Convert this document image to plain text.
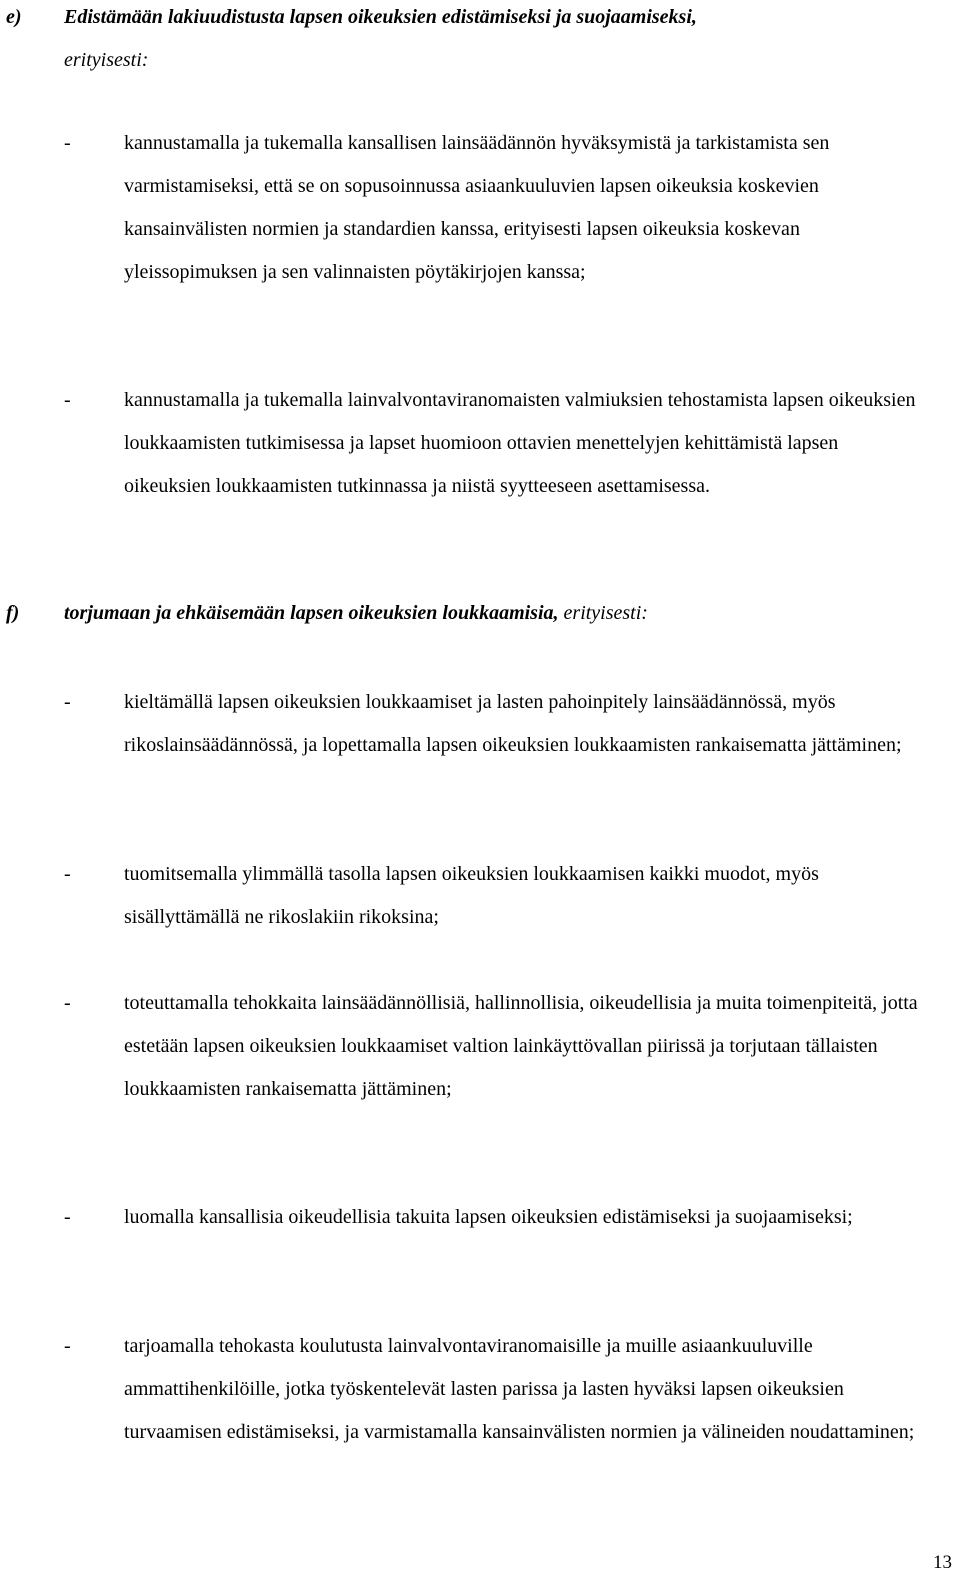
e) Edistämään lakiuudistusta lapsen oikeuksien edistämiseksi ja suojaamiseksi,
erityisesti:
-	kannustamalla ja tukemalla kansallisen lainsäädännön hyväksymistä ja tarkistamista sen varmistamiseksi, että se on sopusoinnussa asiaankuuluvien lapsen oikeuksia koskevien kansainvälisten normien ja standardien kanssa, erityisesti lapsen oikeuksia koskevan yleissopimuksen ja sen valinnaisten pöytäkirjojen kanssa;
-	kannustamalla ja tukemalla lainvalvontaviranomaisten valmiuksien tehostamista lapsen oikeuksien loukkaamisten tutkimisessa ja lapset huomioon ottavien menettelyjen kehittämistä lapsen oikeuksien loukkaamisten tutkinnassa ja niistä syytteeseen asettamisessa.
f) torjumaan ja ehkäisemään lapsen oikeuksien loukkaamisia, erityisesti:
-	kieltämällä lapsen oikeuksien loukkaamiset ja lasten pahoinpitely lainsäädännössä, myös rikoslainsäädännössä, ja lopettamalla lapsen oikeuksien loukkaamisten rankaisematta jättäminen;
-	tuomitsemalla ylimmällä tasolla lapsen oikeuksien loukkaamisen kaikki muodot, myös sisällyttämällä ne rikoslakiin rikoksina;
-	toteuttamalla tehokkaita lainsäädännöllisiä, hallinnollisia, oikeudellisia ja muita toimenpiteitä, jotta estetään lapsen oikeuksien loukkaamiset valtion lainkäyttövallan piirissä ja torjutaan tällaisten loukkaamisten rankaisematta jättäminen;
-	luomalla kansallisia oikeudellisia takuita lapsen oikeuksien edistämiseksi ja suojaamiseksi;
-	tarjoamalla tehokasta koulutusta lainvalvontaviranomaisille ja muille asiaankuuluville ammattihenkilöille, jotka työskentelevät lasten parissa ja lasten hyväksi lapsen oikeuksien turvaamisen edistämiseksi, ja varmistamalla kansainvälisten normien ja välineiden noudattaminen;
13
